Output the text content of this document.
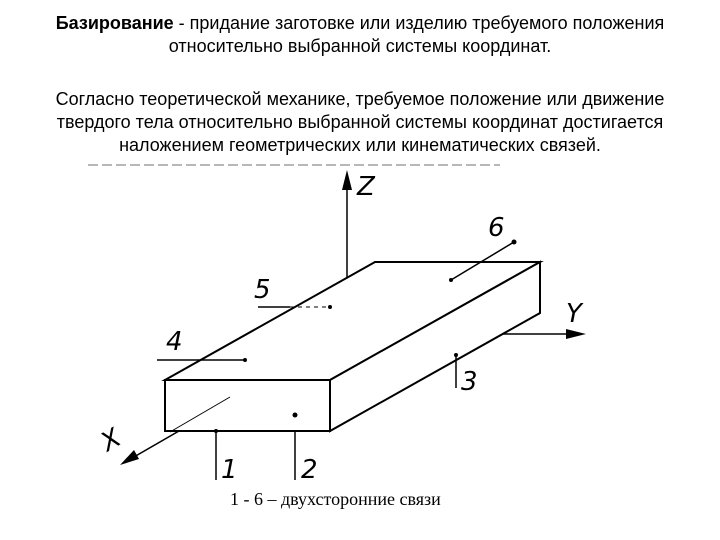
Базирование - придание заготовке или изделию требуемого положения
относительно выбранной системы координат.

Согласно теоретической механике, требуемое положение или движение
твердого тела относительно выбранной системы координат достигается
наложением геометрических или кинематических связей.

Z
Y
X
1 2
3
4
5
6
1 - 6 – двухсторонние связи
